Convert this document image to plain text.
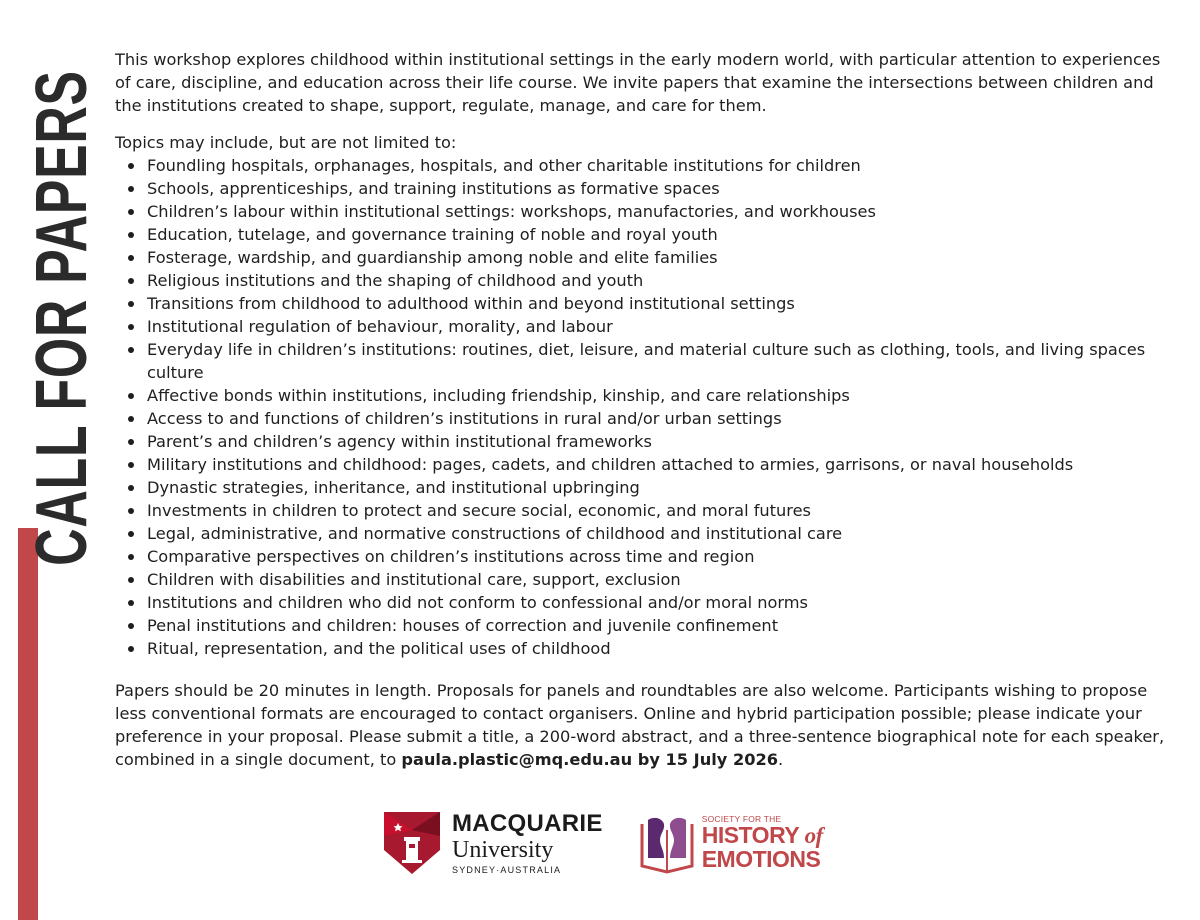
CALL FOR PAPERS

This workshop explores childhood within institutional settings in the early modern world, with particular attention to experiences of care, discipline, and education across their life course. We invite papers that examine the intersections between children and the institutions created to shape, support, regulate, manage, and care for them.

Topics may include, but are not limited to:

Foundling hospitals, orphanages, hospitals, and other charitable institutions for children
Schools, apprenticeships, and training institutions as formative spaces
Children’s labour within institutional settings: workshops, manufactories, and workhouses
Education, tutelage, and governance training of noble and royal youth
Fosterage, wardship, and guardianship among noble and elite families
Religious institutions and the shaping of childhood and youth
Transitions from childhood to adulthood within and beyond institutional settings
Institutional regulation of behaviour, morality, and labour
Everyday life in children’s institutions: routines, diet, leisure, and material culture such as clothing, tools, and living spaces culture
Affective bonds within institutions, including friendship, kinship, and care relationships
Access to and functions of children’s institutions in rural and/or urban settings
Parent’s and children’s agency within institutional frameworks
Military institutions and childhood: pages, cadets, and children attached to armies, garrisons, or naval households
Dynastic strategies, inheritance, and institutional upbringing
Investments in children to protect and secure social, economic, and moral futures
Legal, administrative, and normative constructions of childhood and institutional care
Comparative perspectives on children’s institutions across time and region
Children with disabilities and institutional care, support, exclusion
Institutions and children who did not conform to confessional and/or moral norms
Penal institutions and children: houses of correction and juvenile confinement
Ritual, representation, and the political uses of childhood

Papers should be 20 minutes in length. Proposals for panels and roundtables are also welcome. Participants wishing to propose less conventional formats are encouraged to contact organisers. Online and hybrid participation possible; please indicate your preference in your proposal. Please submit a title, a 200-word abstract, and a three-sentence biographical note for each speaker, combined in a single document, to paula.plastic@mq.edu.au by 15 July 2026.

MACQUARIE
University
SYDNEY·AUSTRALIA
SOCIETY FOR THE
HISTORY of
EMOTIONS
